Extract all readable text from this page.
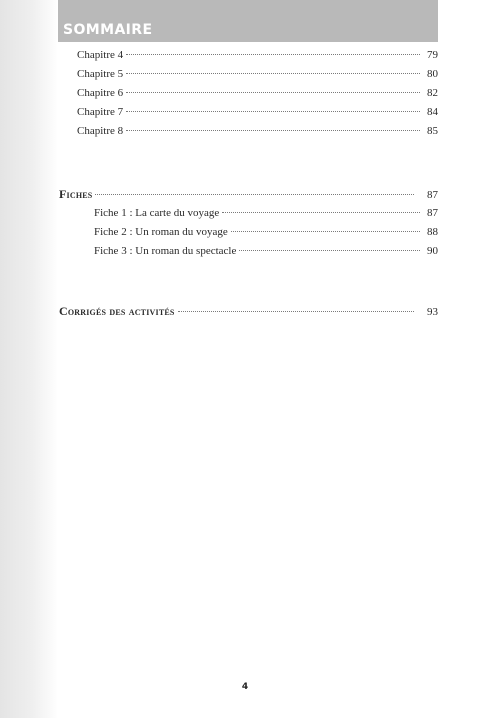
SOMMAIRE
Chapitre 4	79
Chapitre 5	80
Chapitre 6	82
Chapitre 7	84
Chapitre 8	85
Fiches	87
Fiche 1 : La carte du voyage	87
Fiche 2 : Un roman du voyage	88
Fiche 3 : Un roman du spectacle	90
Corrigés des activités	93
4
